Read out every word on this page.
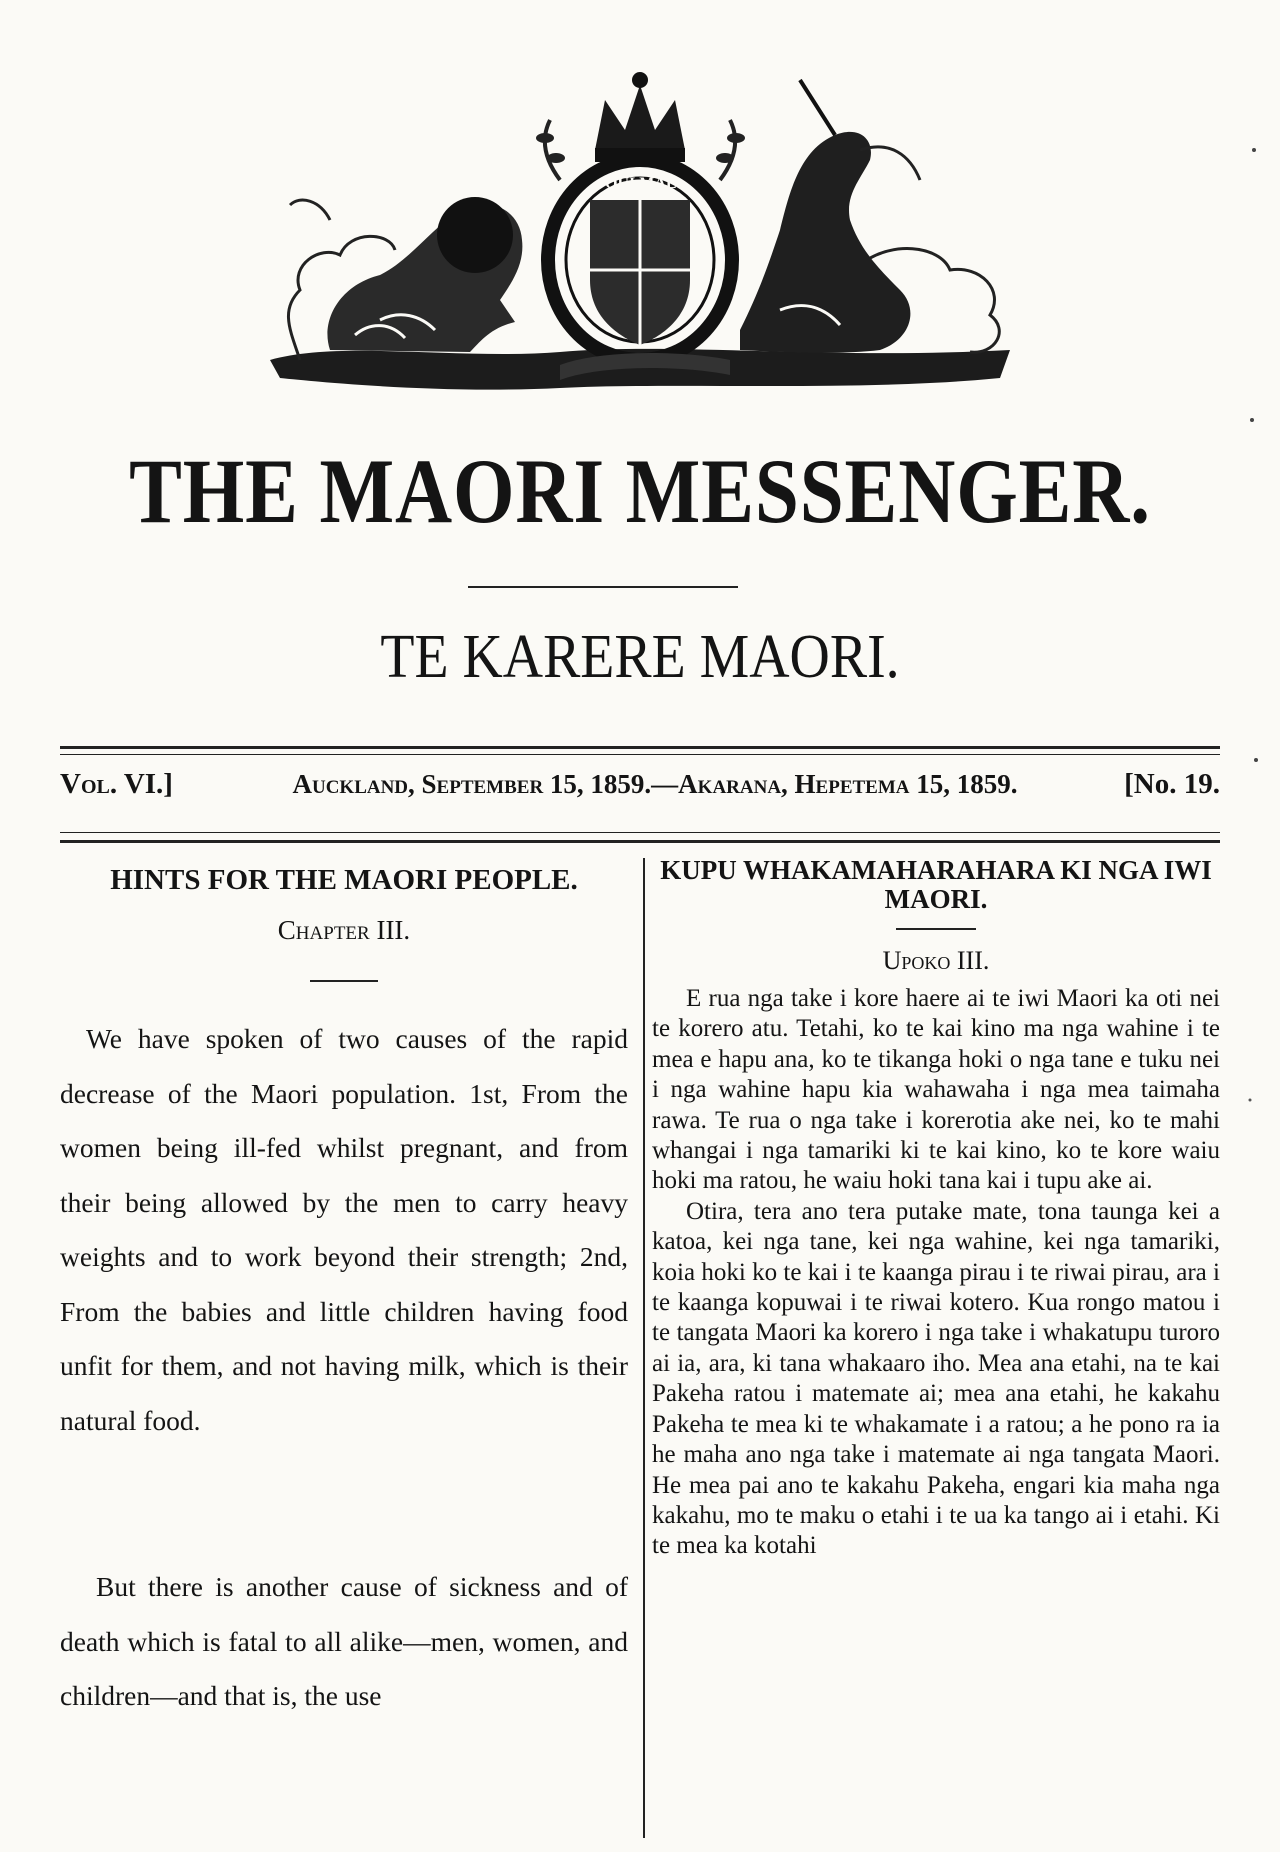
OUI MAL
THE MAORI MESSENGER.
TE KARERE MAORI.
Vol. VI.]	Auckland, September 15, 1859.—Akarana, Hepetema 15, 1859.	[No. 19.
HINTS FOR THE MAORI PEOPLE.
Chapter III.

We have spoken of two causes of the rapid decrease of the Maori population. 1st, From the women being ill-fed whilst pregnant, and from their being allowed by the men to carry heavy weights and to work beyond their strength; 2nd, From the babies and little children having food unfit for them, and not having milk, which is their natural food.

But there is another cause of sickness and of death which is fatal to all alike—men, women, and children—and that is, the use

KUPU WHAKAMAHARAHARA KI NGA IWI MAORI.
Upoko III.

E rua nga take i kore haere ai te iwi Maori ka oti nei te korero atu. Tetahi, ko te kai kino ma nga wahine i te mea e hapu ana, ko te tikanga hoki o nga tane e tuku nei i nga wahine hapu kia wahawaha i nga mea taimaha rawa. Te rua o nga take i korerotia ake nei, ko te mahi whangai i nga tamariki ki te kai kino, ko te kore waiu hoki ma ratou, he waiu hoki tana kai i tupu ake ai.

Otira, tera ano tera putake mate, tona taunga kei a katoa, kei nga tane, kei nga wahine, kei nga tamariki, koia hoki ko te kai i te kaanga pirau i te riwai pirau, ara i te kaanga kopuwai i te riwai kotero. Kua rongo matou i te tangata Maori ka korero i nga take i whakatupu turoro ai ia, ara, ki tana whakaaro iho. Mea ana etahi, na te kai Pakeha ratou i matemate ai; mea ana etahi, he kakahu Pakeha te mea ki te whakamate i a ratou; a he pono ra ia he maha ano nga take i matemate ai nga tangata Maori. He mea pai ano te kakahu Pakeha, engari kia maha nga kakahu, mo te maku o etahi i te ua ka tango ai i etahi. Ki te mea ka kotahi
